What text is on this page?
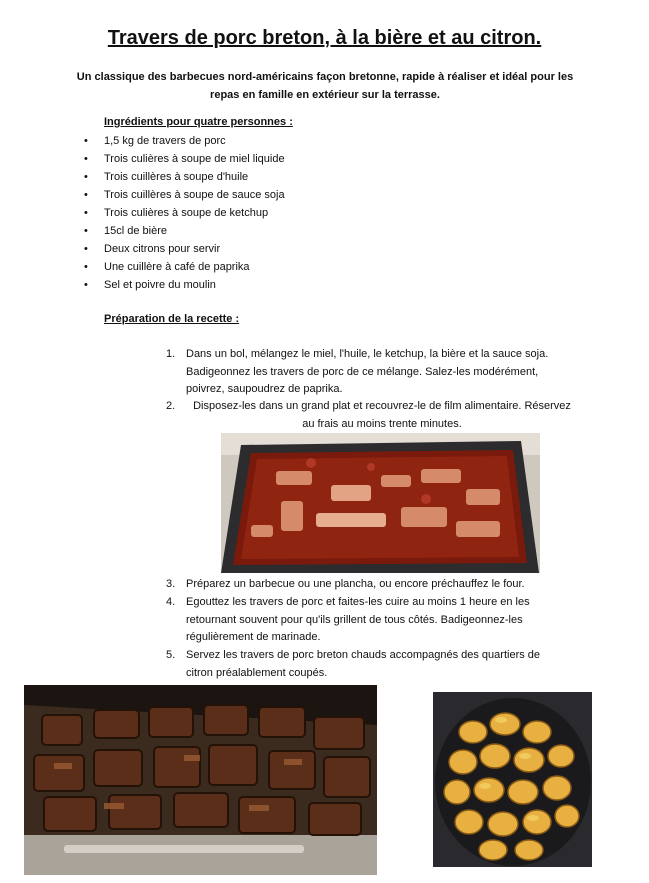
Travers de porc breton, à la bière et au citron.
Un classique des barbecues nord-américains façon bretonne, rapide à réaliser et idéal pour les repas en famille en extérieur sur la terrasse.
Ingrédients pour quatre personnes :
• 1,5 kg de travers de porc
• Trois culières à soupe de miel liquide
• Trois cuillères à soupe d'huile
• Trois cuillères à soupe de sauce soja
• Trois culières à soupe de ketchup
• 15cl de bière
• Deux citrons pour servir
• Une cuillère à café de paprika
• Sel et poivre du moulin
Préparation de la recette :
1. Dans un bol, mélangez le miel, l'huile, le ketchup, la bière et la sauce soja. Badigeonnez les travers de porc de ce mélange. Salez-les modérément, poivrez, saupoudrez de paprika.
2.	Disposez-les dans un grand plat et recouvrez-le de film alimentaire. Réservez au frais au moins trente minutes.
3. Préparez un barbecue ou une plancha, ou encore préchauffez le four.
4. Egouttez les travers de porc et faites-les cuire au moins 1 heure en les retournant souvent pour qu'ils grillent de tous côtés. Badigeonnez-les régulièrement de marinade.
5. Servez les travers de porc breton chauds accompagnés des quartiers de citron préalablement coupés.
